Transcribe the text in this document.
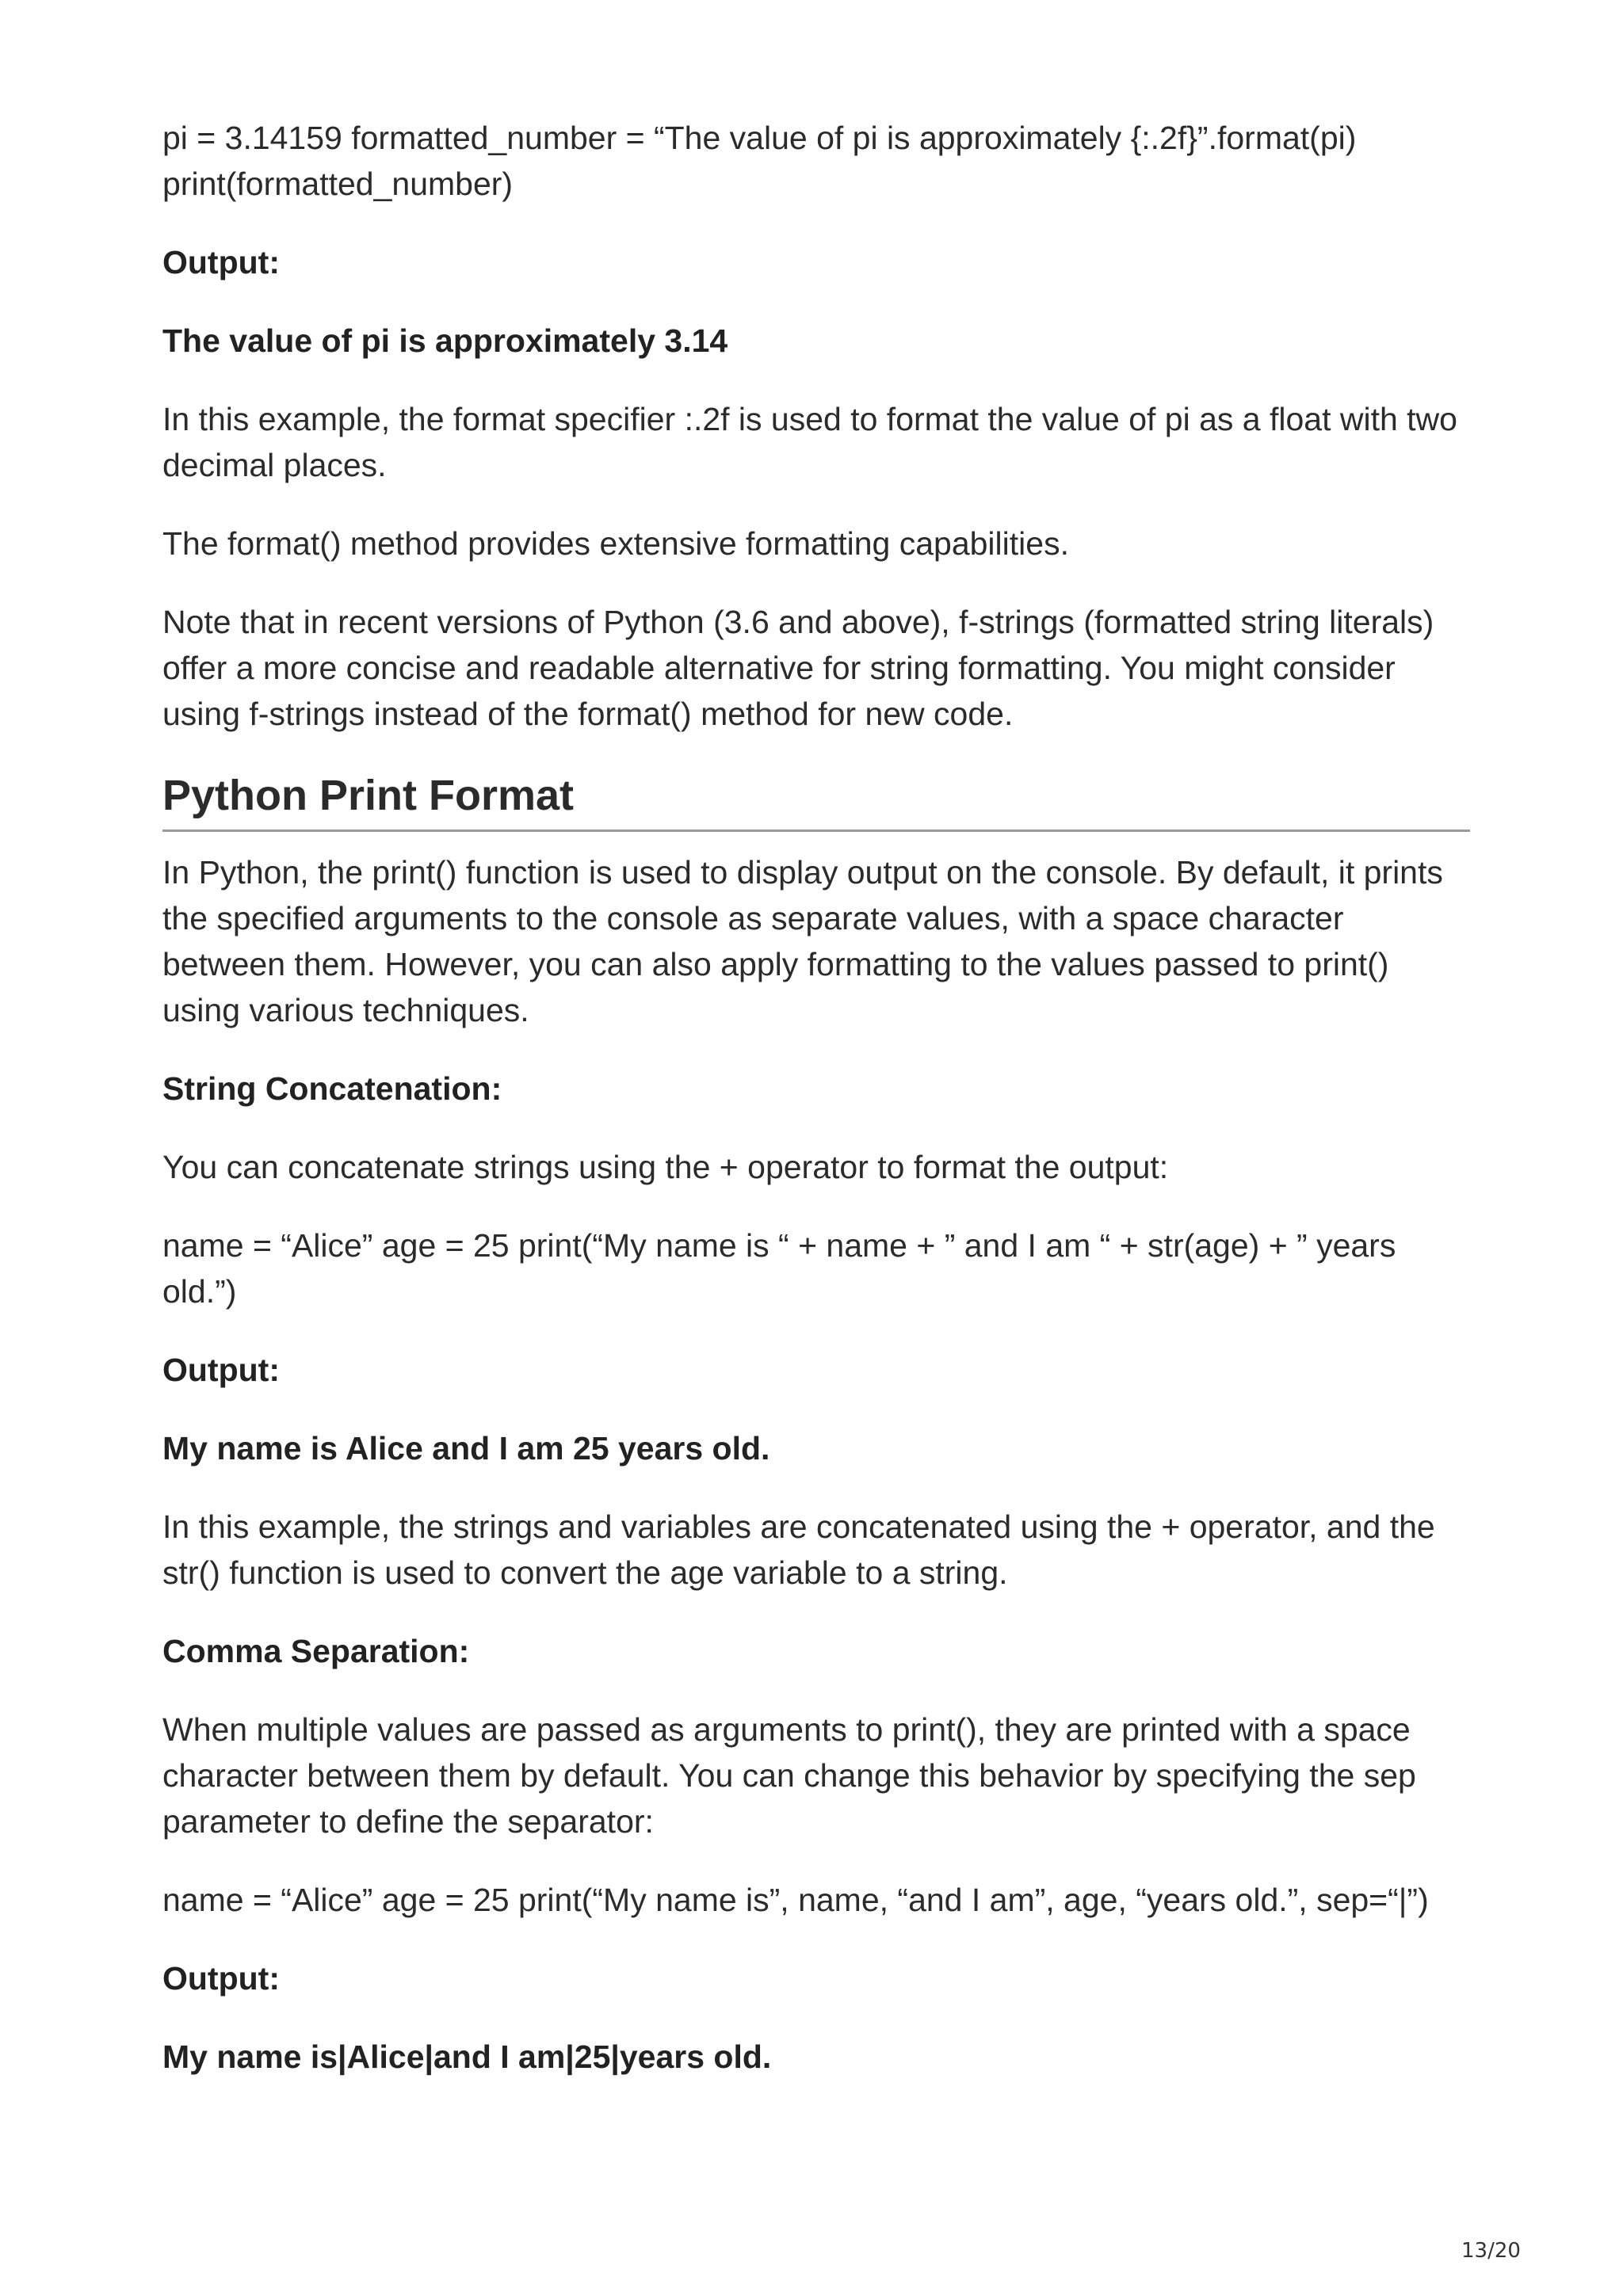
pi = 3.14159 formatted_number = “The value of pi is approximately {:.2f}”.format(pi) print(formatted_number)

Output:

The value of pi is approximately 3.14

In this example, the format specifier :.2f is used to format the value of pi as a float with two decimal places.

The format() method provides extensive formatting capabilities.

Note that in recent versions of Python (3.6 and above), f-strings (formatted string literals) offer a more concise and readable alternative for string formatting. You might consider using f-strings instead of the format() method for new code.

Python Print Format

In Python, the print() function is used to display output on the console. By default, it prints the specified arguments to the console as separate values, with a space character between them. However, you can also apply formatting to the values passed to print() using various techniques.

String Concatenation:

You can concatenate strings using the + operator to format the output:

name = “Alice” age = 25 print(“My name is “ + name + ” and I am “ + str(age) + ” years old.”)

Output:

My name is Alice and I am 25 years old.

In this example, the strings and variables are concatenated using the + operator, and the str() function is used to convert the age variable to a string.

Comma Separation:

When multiple values are passed as arguments to print(), they are printed with a space character between them by default. You can change this behavior by specifying the sep parameter to define the separator:

name = “Alice” age = 25 print(“My name is”, name, “and I am”, age, “years old.”, sep=“|”)

Output:

My name is|Alice|and I am|25|years old.

13/20
